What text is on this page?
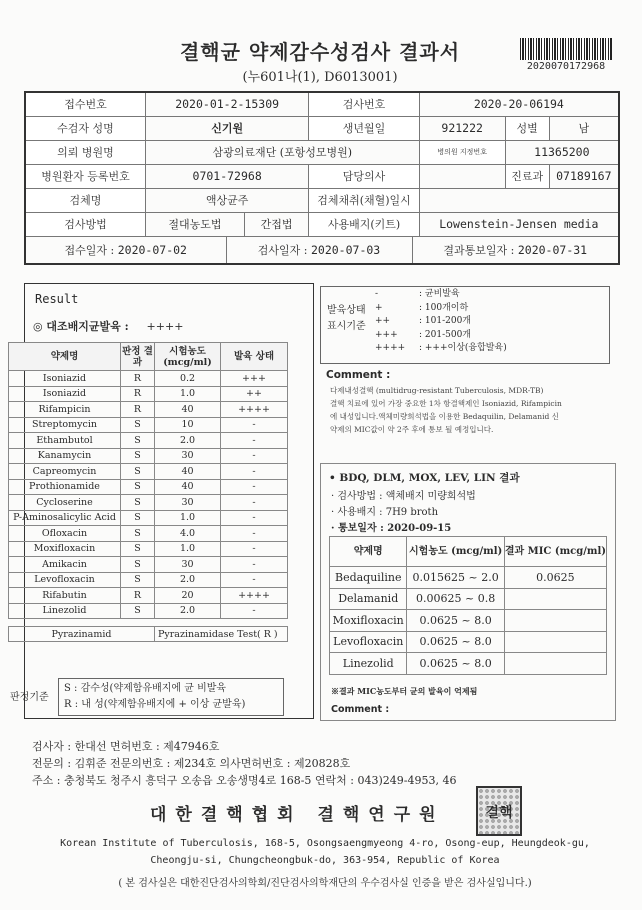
결핵균 약제감수성검사 결과서
(누601나(1), D6013001)
2020070172968
접수번호	2020-01-2-15309	검사번호	2020-20-06194
수검자 성명	신기원	생년월일	921222	성별	남
의뢰 병원명	삼광의료재단 (포항성모병원)	병의원 지정번호	11365200
병원환자 등록번호	0701-72968	담당의사		진료과	07189167
검체명	액상균주	검체채취(채혈)일시	
검사방법	절대농도법	간접법	사용배지(키트)	Lowenstein-Jensen media

접수일자 : 2020-07-02	검사일자 : 2020-07-03	결과통보일자 : 2020-07-31
Result
◎ 대조배지균발육 : ++++
약제명	판정 결과	시험농도 (mcg/ml)	발육 상태
Isoniazid	R	0.2	+++
Isoniazid	R	1.0	++
Rifampicin	R	40	++++
Streptomycin	S	10	-
Ethambutol	S	2.0	-
Kanamycin	S	30	-
Capreomycin	S	40	-
Prothionamide	S	40	-
Cycloserine	S	30	-
P-Aminosalicylic Acid	S	1.0	-
Ofloxacin	S	4.0	-
Moxifloxacin	S	1.0	-
Amikacin	S	30	-
Levofloxacin	S	2.0	-
Rifabutin	R	20	++++
Linezolid	S	2.0	-
Pyrazinamid	Pyrazinamidase Test( R )
판정기준
S : 감수성(약제함유배지에 균 비발육
R : 내 성(약제함유배지에 + 이상 균발육)
발육상태 표시기준
-	: 균비발육
+	: 100개이하
++	: 101-200개
+++ : 201-500개
++++ : +++이상(융합발육)
Comment :
다제내성결핵 (multidrug-resistant Tuberculosis, MDR-TB)
결핵 치료에 있어 가장 중요한 1차 항결핵제인 Isoniazid, Rifampicin
에 내성입니다.액체미량희석법을 이용한 Bedaquilin, Delamanid 신
약제의 MIC값이 약 2주 후에 통보 될 예정입니다.
• BDQ, DLM, MOX, LEV, LIN 결과
· 검사방법 : 액체배지 미량희석법
· 사용배지 : 7H9 broth
· 통보일자 : 2020-09-15
약제명	시험농도 (mcg/ml)	결과 MIC (mcg/ml)
Bedaquiline	0.015625 ~ 2.0	0.0625
Delamanid	0.00625 ~ 0.8	
Moxifloxacin	0.0625 ~ 8.0	
Levofloxacin	0.0625 ~ 8.0	
Linezolid	0.0625 ~ 8.0	
※결과 MIC농도부터 균의 발육이 억제됨
Comment :
검사자 : 한대선 면허번호 : 제47946호
전문의 : 김휘준 전문의번호 : 제234호 의사면허번호 : 제20828호
주소 : 충청북도 청주시 흥덕구 오송읍 오송생명4로 168-5 연락처 : 043)249-4953, 46
대한결핵협회 결핵연구원	결핵
Korean Institute of Tuberculosis, 168-5, Osongsaengmyeong 4-ro, Osong-eup, Heungdeok-gu,
Cheongju-si, Chungcheongbuk-do, 363-954, Republic of Korea
( 본 검사실은 대한진단검사의학회/진단검사의학재단의 우수검사실 인증을 받은 검사실입니다.)
